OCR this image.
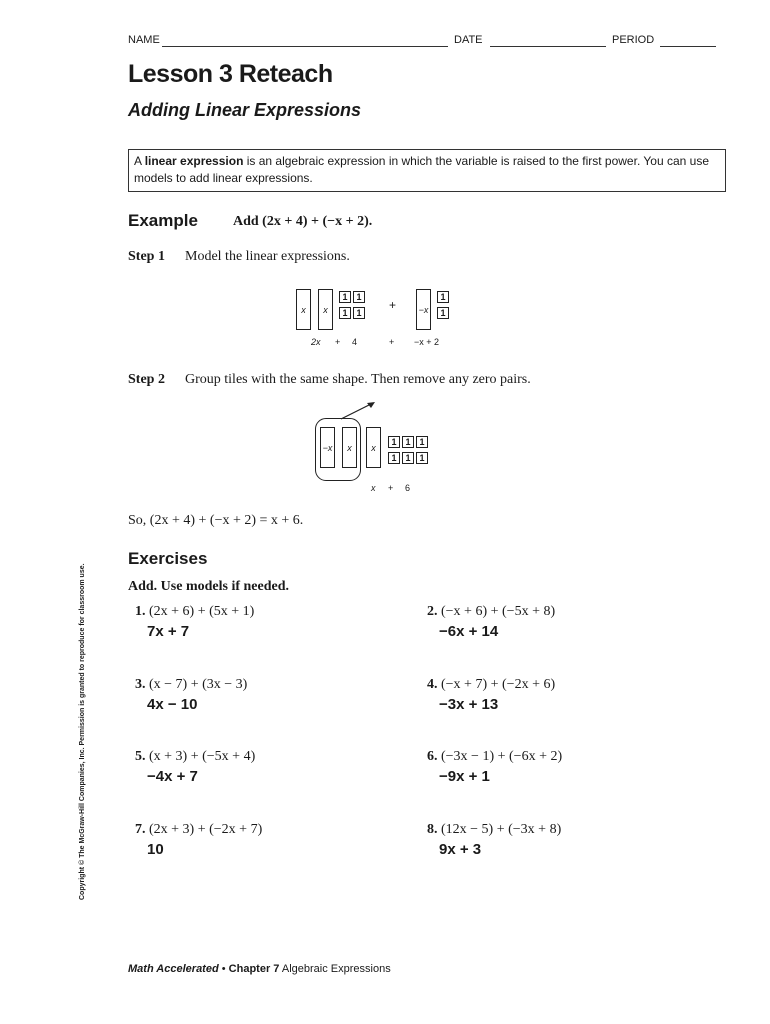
NAME	DATE	PERIOD
Lesson 3 Reteach
Adding Linear Expressions
A linear expression is an algebraic expression in which the variable is raised to the first power. You can use models to add linear expressions.
Example	Add (2x + 4) + (−x + 2).
Step 1 Model the linear expressions.
x	x
1 1
1 1
+	−x
1
1
2x + 4	+ −x + 2
Step 2 Group tiles with the same shape. Then remove any zero pairs.
−x	x	x
1 1 1
1 1 1
x + 6
So, (2x + 4) + (−x + 2) = x + 6.
Exercises
Add. Use models if needed.
1. (2x + 6) + (5x + 1)
7x + 7
2. (−x + 6) + (−5x + 8)
−6x + 14
3. (x − 7) + (3x − 3)
4x − 10
4. (−x + 7) + (−2x + 6)
−3x + 13
5. (x + 3) + (−5x + 4)
−4x + 7
6. (−3x − 1) + (−6x + 2)
−9x + 1
7. (2x + 3) + (−2x + 7)
10
8. (12x − 5) + (−3x + 8)
9x + 3
Copyright © The McGraw-Hill Companies, Inc. Permission is granted to reproduce for classroom use.
Math Accelerated • Chapter 7 Algebraic Expressions
